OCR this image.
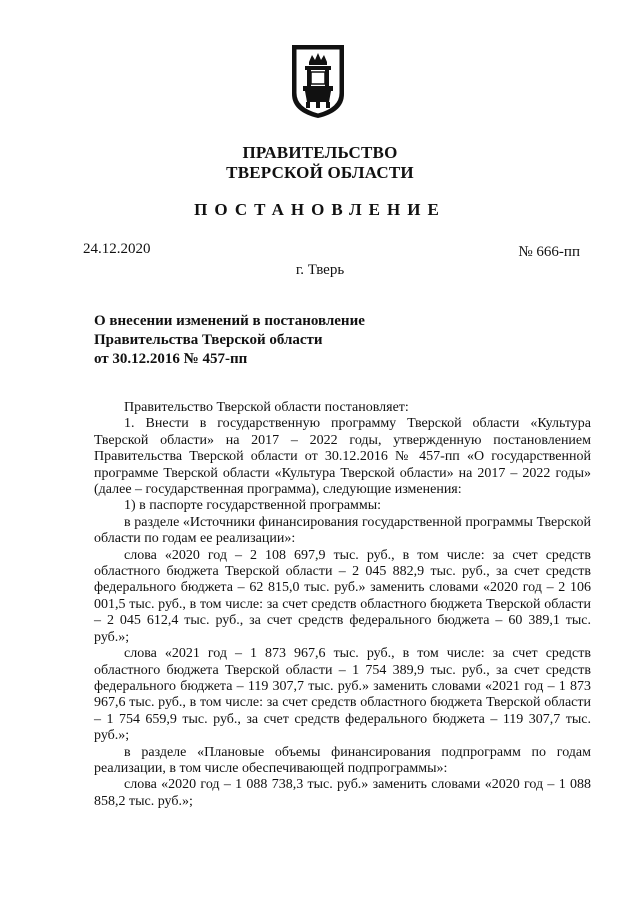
ПРАВИТЕЛЬСТВО
ТВЕРСКОЙ ОБЛАСТИ
ПОСТАНОВЛЕНИЕ
24.12.2020	№ 666-пп
г. Тверь
О внесении изменений в постановление
Правительства Тверской области
от 30.12.2016 № 457-пп

Правительство Тверской области постановляет:

1. Внести в государственную программу Тверской области «Культура Тверской области» на 2017 – 2022 годы, утвержденную постановлением Правительства Тверской области от 30.12.2016 № 457-пп «О государственной программе Тверской области «Культура Тверской области» на 2017 – 2022 годы» (далее – государственная программа), следующие изменения:

1) в паспорте государственной программы:

в разделе «Источники финансирования государственной программы Тверской области по годам ее реализации»:

слова «2020 год – 2 108 697,9 тыс. руб., в том числе: за счет средств

областного бюджета Тверской области – 2 045 882,9 тыс. руб., за счет средств

федерального бюджета – 62 815,0 тыс. руб.» заменить словами «2020 год – 2 106 001,5 тыс. руб., в том числе: за счет средств областного бюджета Тверской области – 2 045 612,4 тыс. руб., за счет средств федерального бюджета – 60 389,1 тыс. руб.»;

слова «2021 год – 1 873 967,6 тыс. руб., в том числе: за счет средств

областного бюджета Тверской области – 1 754 389,9 тыс. руб., за счет средств

федерального бюджета – 119 307,7 тыс. руб.» заменить словами «2021 год – 1 873 967,6 тыс. руб., в том числе: за счет средств областного бюджета Тверской области – 1 754 659,9 тыс. руб., за счет средств федерального бюджета – 119 307,7 тыс. руб.»;

в разделе «Плановые объемы финансирования подпрограмм по годам реализации, в том числе обеспечивающей подпрограммы»:

слова «2020 год – 1 088 738,3 тыс. руб.» заменить словами «2020 год – 1 088 858,2 тыс. руб.»;
